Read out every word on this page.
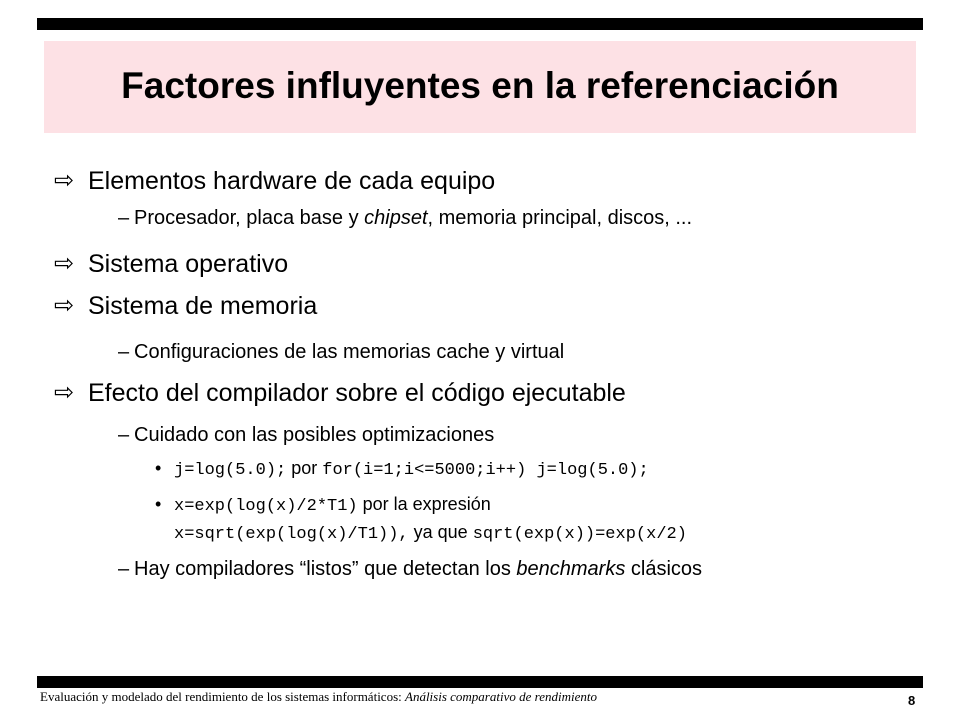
Factores influyentes en la referenciación
⇨ Elementos hardware de cada equipo
– Procesador, placa base y chipset, memoria principal, discos, ...
⇨ Sistema operativo
⇨ Sistema de memoria
– Configuraciones de las memorias cache y virtual
⇨ Efecto del compilador sobre el código ejecutable
– Cuidado con las posibles optimizaciones
• j=log(5.0); por for(i=1;i<=5000;i++) j=log(5.0);
• x=exp(log(x)/2*T1) por la expresión
x=sqrt(exp(log(x)/T1)), ya que sqrt(exp(x))=exp(x/2)
– Hay compiladores “listos” que detectan los benchmarks clásicos
Evaluación y modelado del rendimiento de los sistemas informáticos: Análisis comparativo de rendimiento	8
